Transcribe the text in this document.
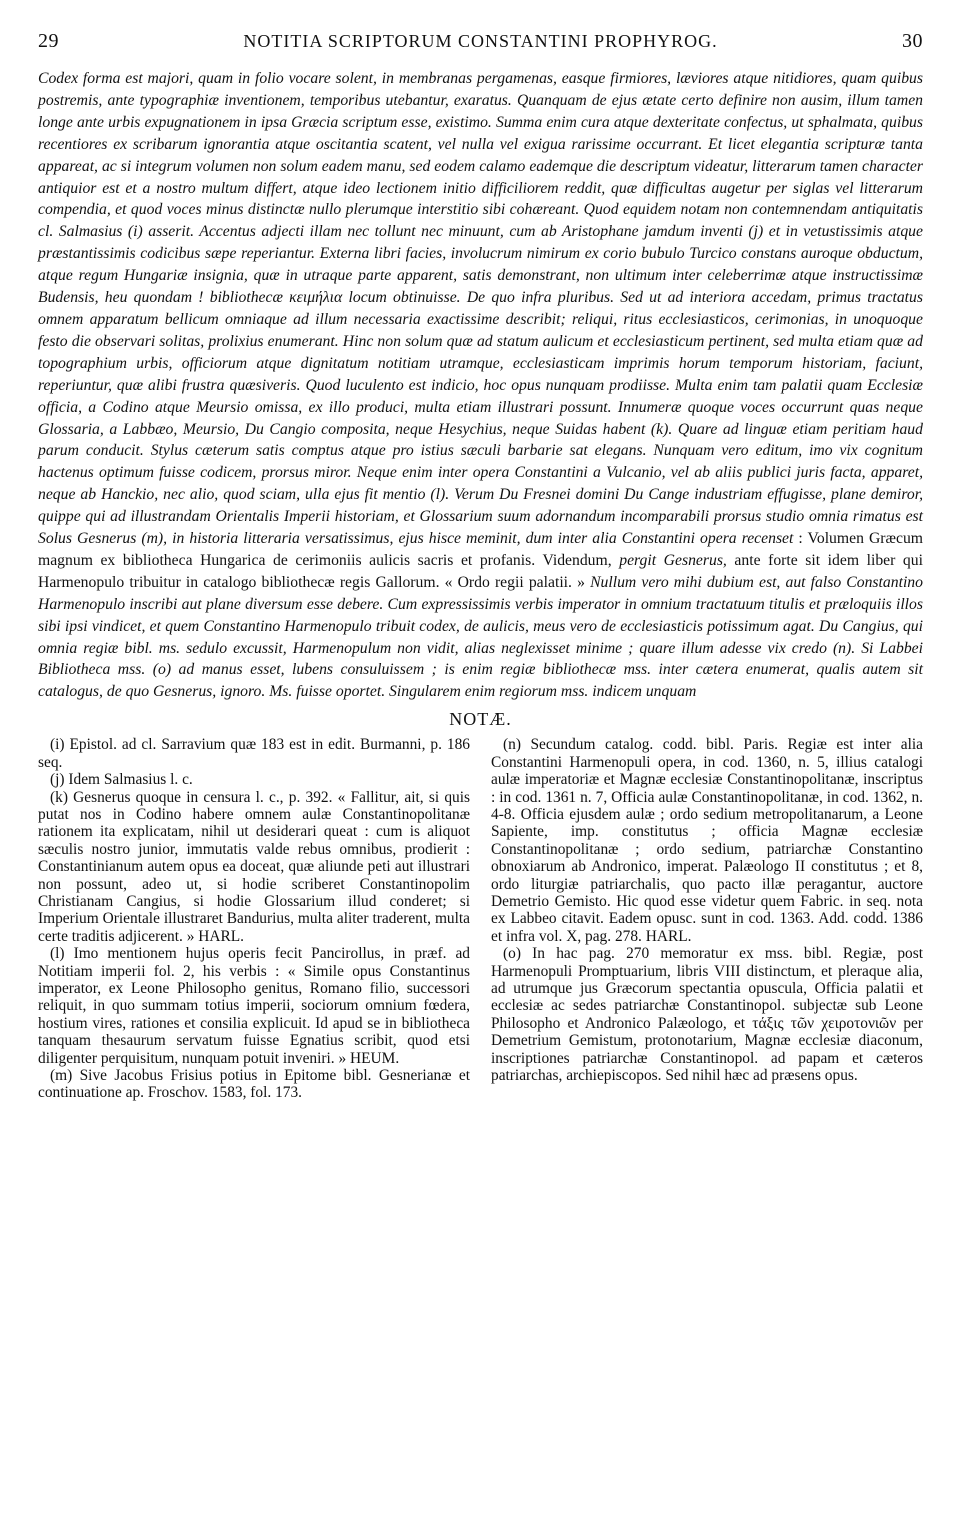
29	NOTITIA SCRIPTORUM CONSTANTINI PROPHYROG.	30
Codex forma est majori, quam in folio vocare solent, in membranas pergamenas, easque firmiores, læviores atque nitidiores, quam quibus postremis, ante typographiæ inventionem, temporibus utebantur, exaratus. Quanquam de ejus ætate certo definire non ausim, illum tamen longe ante urbis expugnationem in ipsa Græcia scriptum esse, existimo. Summa enim cura atque dexteritate confectus, ut sphalmata, quibus recentiores ex scribarum ignorantia atque oscitantia scatent, vel nulla vel exigua rarissime occurrant. Et licet elegantia scripturæ tanta appareat, ac si integrum volumen non solum eadem manu, sed eodem calamo eademque die descriptum videatur, litterarum tamen character antiquior est et a nostro multum differt, atque ideo lectionem initio difficiliorem reddit, quæ difficultas augetur per siglas vel litterarum compendia, et quod voces minus distinctæ nullo plerumque interstitio sibi cohæreant. Quod equidem notam non contemnendam antiquitatis cl. Salmasius (i) asserit. Accentus adjecti illam nec tollunt nec minuunt, cum ab Aristophane jamdum inventi (j) et in vetustissimis atque præstantissimis codicibus sæpe reperiantur. Externa libri facies, involucrum nimirum ex corio bubulo Turcico constans auroque obductum, atque regum Hungariæ insignia, quæ in utraque parte apparent, satis demonstrant, non ultimum inter celeberrimæ atque instructissimæ Budensis, heu quondam ! bibliothecæ κειμήλια locum obtinuisse. De quo infra pluribus. Sed ut ad interiora accedam, primus tractatus omnem apparatum bellicum omniaque ad illum necessaria exactissime describit; reliqui, ritus ecclesiasticos, cerimonias, in unoquoque festo die observari solitas, prolixius enumerant. Hinc non solum quæ ad statum aulicum et ecclesiasticum pertinent, sed multa etiam quæ ad topographium urbis, officiorum atque dignitatum notitiam utramque, ecclesiasticam imprimis horum temporum historiam, faciunt, reperiuntur, quæ alibi frustra quæsiveris. Quod luculento est indicio, hoc opus nunquam prodiisse. Multa enim tam palatii quam Ecclesiæ officia, a Codino atque Meursio omissa, ex illo produci, multa etiam illustrari possunt. Innumeræ quoque voces occurrunt quas neque Glossaria, a Labbæo, Meursio, Du Cangio composita, neque Hesychius, neque Suidas habent (k). Quare ad linguæ etiam peritiam haud parum conducit. Stylus cæterum satis comptus atque pro istius sæculi barbarie sat elegans. Nunquam vero editum, imo vix cognitum hactenus optimum fuisse codicem, prorsus miror. Neque enim inter opera Constantini a Vulcanio, vel ab aliis publici juris facta, apparet, neque ab Hanckio, nec alio, quod sciam, ulla ejus fit mentio (l). Verum Du Fresnei domini Du Cange industriam effugisse, plane demiror, quippe qui ad illustrandam Orientalis Imperii historiam, et Glossarium suum adornandum incomparabili prorsus studio omnia rimatus est Solus Gesnerus (m), in historia litteraria versatissimus, ejus hisce meminit, dum inter alia Constantini opera recenset : Volumen Græcum magnum ex bibliotheca Hungarica de cerimoniis aulicis sacris et profanis. Videndum, pergit Gesnerus, ante forte sit idem liber qui Harmenopulo tribuitur in catalogo bibliothecæ regis Gallorum. « Ordo regii palatii. » Nullum vero mihi dubium est, aut falso Constantino Harmenopulo inscribi aut plane diversum esse debere. Cum expressissimis verbis imperator in omnium tractatuum titulis et præloquiis illos sibi ipsi vindicet, et quem Constantino Harmenopulo tribuit codex, de aulicis, meus vero de ecclesiasticis potissimum agat. Du Cangius, qui omnia regiæ bibl. ms. sedulo excussit, Harmenopulum non vidit, alias neglexisset minime ; quare illum adesse vix credo (n). Si Labbei Bibliotheca mss. (o) ad manus esset, lubens consuluissem ; is enim regiæ bibliothecæ mss. inter cætera enumerat, qualis autem sit catalogus, de quo Gesnerus, ignoro. Ms. fuisse oportet. Singularem enim regiorum mss. indicem unquam
NOTÆ.

(i) Epistol. ad cl. Sarravium quæ 183 est in edit. Burmanni, p. 186 seq.

(j) Idem Salmasius l. c.

(k) Gesnerus quoque in censura l. c., p. 392. « Fallitur, ait, si quis putat nos in Codino habere omnem aulæ Constantinopolitanæ rationem ita explicatam, nihil ut desiderari queat : cum is aliquot sæculis nostro junior, immutatis valde rebus omnibus, prodierit : Constantinianum autem opus ea doceat, quæ aliunde peti aut illustrari non possunt, adeo ut, si hodie scriberet Constantinopolim Christianam Cangius, si hodie Glossarium illud conderet; si Imperium Orientale illustraret Bandurius, multa aliter traderent, multa certe traditis adjicerent. » HARL.

(l) Imo mentionem hujus operis fecit Pancirollus, in præf. ad Notitiam imperii fol. 2, his verbis : « Simile opus Constantinus imperator, ex Leone Philosopho genitus, Romano filio, successori reliquit, in quo summam totius imperii, sociorum omnium fœdera, hostium vires, rationes et consilia explicuit. Id apud se in bibliotheca tanquam thesaurum servatum fuisse Egnatius scribit, quod etsi diligenter perquisitum, nunquam potuit inveniri. » HEUM.

(m) Sive Jacobus Frisius potius in Epitome bibl. Gesnerianæ et continuatione ap. Froschov. 1583, fol. 173.

(n) Secundum catalog. codd. bibl. Paris. Regiæ est inter alia Constantini Harmenopuli opera, in cod. 1360, n. 5, illius catalogi aulæ imperatoriæ et Magnæ ecclesiæ Constantinopolitanæ, inscriptus : in cod. 1361 n. 7, Officia aulæ Constantinopolitanæ, in cod. 1362, n. 4-8. Officia ejusdem aulæ ; ordo sedium metropolitanarum, a Leone Sapiente, imp. constitutus ; officia Magnæ ecclesiæ Constantinopolitanæ ; ordo sedium, patriarchæ Constantino obnoxiarum ab Andronico, imperat. Palæologo II constitutus ; et 8, ordo liturgiæ patriarchalis, quo pacto illæ peragantur, auctore Demetrio Gemisto. Hic quod esse videtur quem Fabric. in seq. nota ex Labbeo citavit. Eadem opusc. sunt in cod. 1363. Add. codd. 1386 et infra vol. X, pag. 278. HARL.

(o) In hac pag. 270 memoratur ex mss. bibl. Regiæ, post Harmenopuli Promptuarium, libris VIII distinctum, et pleraque alia, ad utrumque jus Græcorum spectantia opuscula, Officia palatii et ecclesiæ ac sedes patriarchæ Constantinopol. subjectæ sub Leone Philosopho et Andronico Palæologo, et τάξις τῶν χειροτονιῶν per Demetrium Gemistum, protonotarium, Magnæ ecclesiæ diaconum, inscriptiones patriarchæ Constantinopol. ad papam et cæteros patriarchas, archiepiscopos. Sed nihil hæc ad præsens opus.
